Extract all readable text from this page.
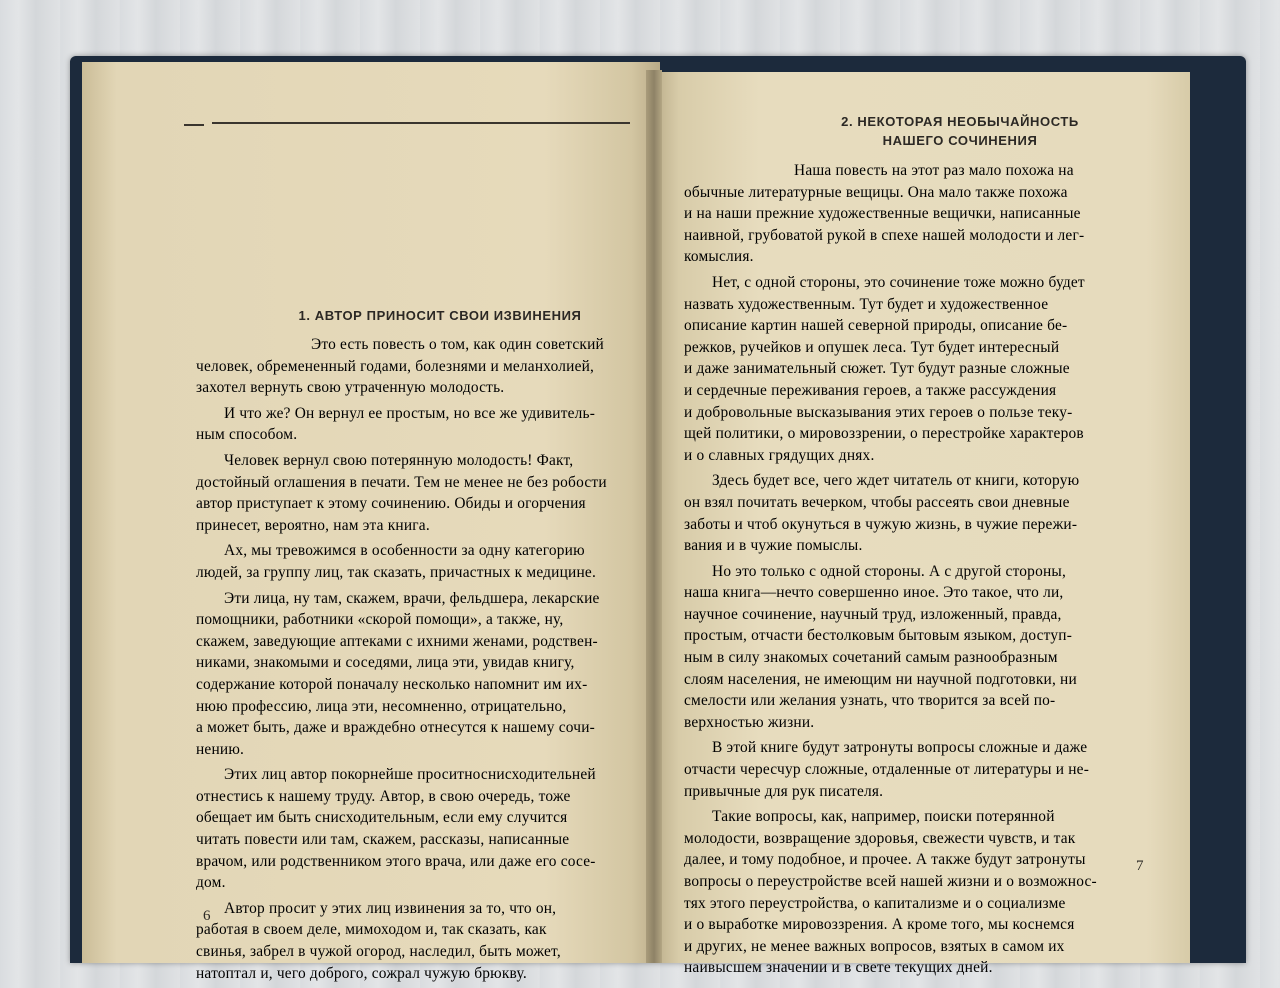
1. АВТОР ПРИНОСИТ СВОИ ИЗВИНЕНИЯ

Это есть повесть о том, как один советский
человек, обремененный годами, болезнями и меланхолией,
захотел вернуть свою утраченную молодость.

И что же? Он вернул ее простым, но все же удивитель-
ным способом.

Человек вернул свою потерянную молодость! Факт,
достойный оглашения в печати. Тем не менее не без робости
автор приступает к этому сочинению. Обиды и огорчения
принесет, вероятно, нам эта книга.

Ах, мы тревожимся в особенности за одну категорию
людей, за группу лиц, так сказать, причастных к медицине.

Эти лица, ну там, скажем, врачи, фельдшера, лекарские
помощники, работники «скорой помощи», а также, ну,
скажем, заведующие аптеками с ихними женами, родствен-
никами, знакомыми и соседями, лица эти, увидав книгу,
содержание которой поначалу несколько напомнит им их-
нюю профессию, лица эти, несомненно, отрицательно,
а может быть, даже и враждебно отнесутся к нашему сочи-
нению.

Этих лиц автор покорнейше проситноснисходительней
отнестись к нашему труду. Автор, в свою очередь, тоже
обещает им быть снисходительным, если ему случится
читать повести или там, скажем, рассказы, написанные
врачом, или родственником этого врача, или даже его сосе-
дом.

Автор просит у этих лиц извинения за то, что он,
работая в своем деле, мимоходом и, так сказать, как
свинья, забрел в чужой огород, наследил, быть может,
натоптал и, чего доброго, сожрал чужую брюкву.

6
2. НЕКОТОРАЯ НЕОБЫЧАЙНОСТЬ
НАШЕГО СОЧИНЕНИЯ

Наша повесть на этот раз мало похожа на
обычные литературные вещицы. Она мало также похожа
и на наши прежние художественные вещички, написанные
наивной, грубоватой рукой в спехе нашей молодости и лег-
комыслия.

Нет, с одной стороны, это сочинение тоже можно будет
назвать художественным. Тут будет и художественное
описание картин нашей северной природы, описание бе-
режков, ручейков и опушек леса. Тут будет интересный
и даже занимательный сюжет. Тут будут разные сложные
и сердечные переживания героев, а также рассуждения
и добровольные высказывания этих героев о пользе теку-
щей политики, о мировоззрении, о перестройке характеров
и о славных грядущих днях.

Здесь будет все, чего ждет читатель от книги, которую
он взял почитать вечерком, чтобы рассеять свои дневные
заботы и чтоб окунуться в чужую жизнь, в чужие пережи-
вания и в чужие помыслы.

Но это только с одной стороны. А с другой стороны,
наша книга—нечто совершенно иное. Это такое, что ли,
научное сочинение, научный труд, изложенный, правда,
простым, отчасти бестолковым бытовым языком, доступ-
ным в силу знакомых сочетаний самым разнообразным
слоям населения, не имеющим ни научной подготовки, ни
смелости или желания узнать, что творится за всей по-
верхностью жизни.

В этой книге будут затронуты вопросы сложные и даже
отчасти чересчур сложные, отдаленные от литературы и не-
привычные для рук писателя.

Такие вопросы, как, например, поиски потерянной
молодости, возвращение здоровья, свежести чувств, и так
далее, и тому подобное, и прочее. А также будут затронуты
вопросы о переустройстве всей нашей жизни и о возможнос-
тях этого переустройства, о капитализме и о социализме
и о выработке мировоззрения. А кроме того, мы коснемся
и других, не менее важных вопросов, взятых в самом их
наивысшем значении и в свете текущих дней.

7
